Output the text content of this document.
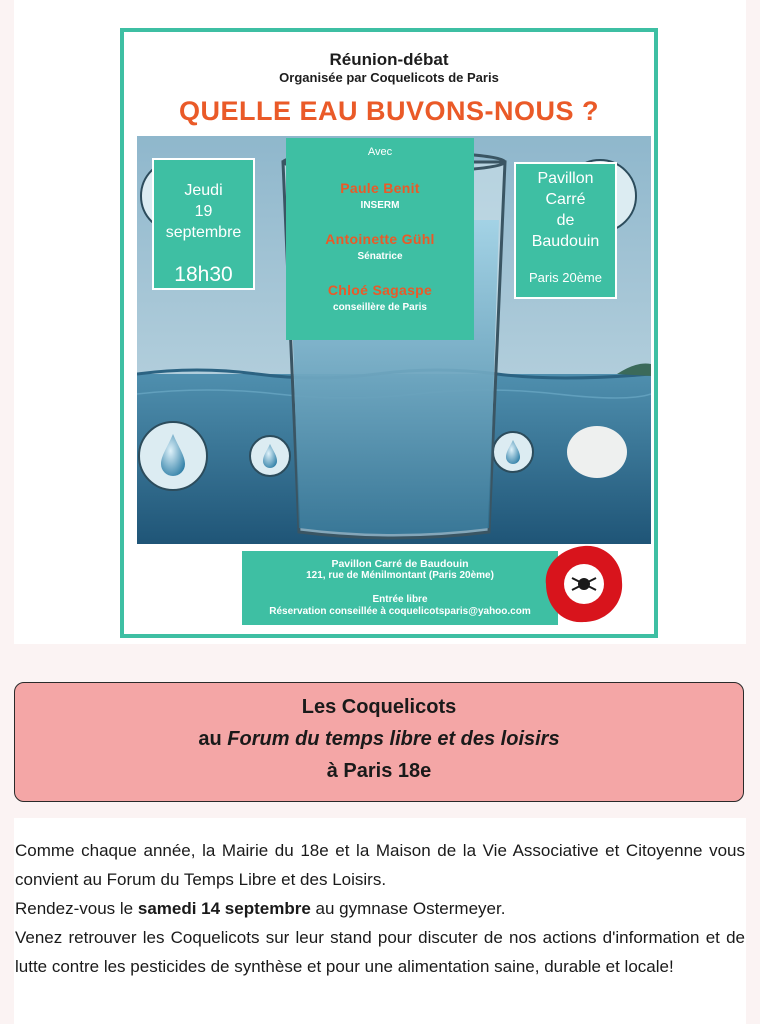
Réunion-débat
Organisée par Coquelicots de Paris
QUELLE EAU BUVONS-NOUS ?
Jeudi
19
septembre
18h30
Pavillon
Carré
de
Baudouin
Paris 20ème
Avec
Paule Benit
INSERM
Antoinette Gühl
Sénatrice
Chloé Sagaspe
conseillère de Paris
Pavillon Carré de Baudouin
121, rue de Ménilmontant (Paris 20ème)
Entrée libre
Réservation conseillée à coquelicotsparis@yahoo.com
Les Coquelicots
au Forum du temps libre et des loisirs
à Paris 18e

Comme chaque année, la Mairie du 18e et la Maison de la Vie Associative et Citoyenne vous convient au Forum du Temps Libre et des Loisirs.

Rendez-vous le samedi 14 septembre au gymnase Ostermeyer.

Venez retrouver les Coquelicots sur leur stand pour discuter de nos actions d'information et de lutte contre les pesticides de synthèse et pour une alimentation saine, durable et locale!
